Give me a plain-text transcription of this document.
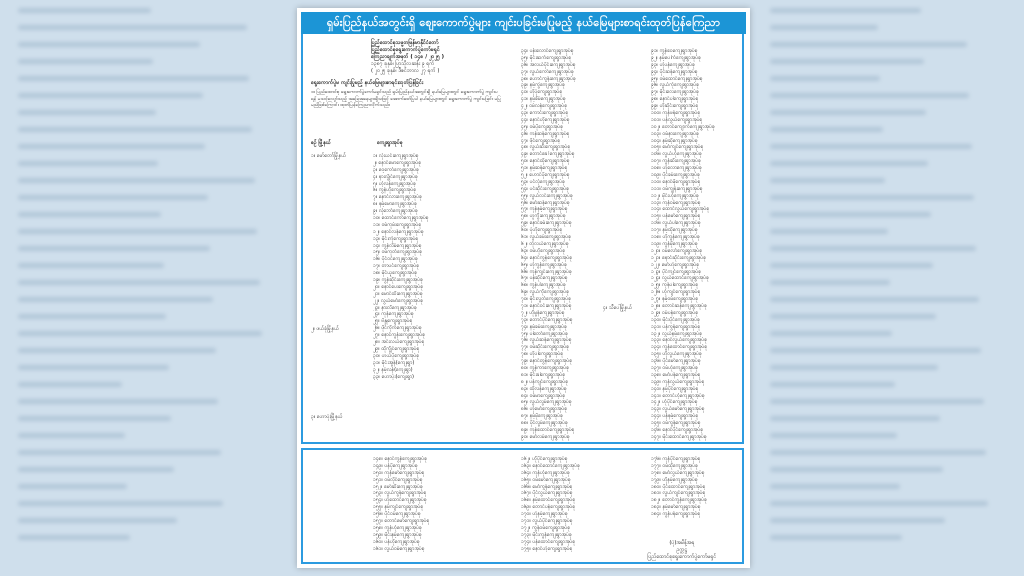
ရှမ်းပြည်နယ်အတွင်းရှိ စျေးကောက်ပွဲများ ကျင်းပခြင်းမပြုမည့် နယ်မြေများစာရင်းထုတ်ပြန်ကြေညာ
ပြည်ထောင်စုသမ္မတမြန်မာနိုင်ငံတော်
ပြည်ထောင်စုရွေးကောက်ပွဲကော်မရှင်
ကြေညာချက်အမှတ် ( ၁၄၈ / ၂၀၂၅ )
၁၃၈၇ ခုနှစ်၊ ပြာသိုလဆန်း ၉ ရက်
( ၂၀၂၅ ခုနှစ်၊ ဒီဇင်ဘာလ ၂၇ ရက် )
ရွေးကောက်ပွဲမ ကျင်းပြုမည့် နယ်မြေများစာရင်းထုတ်ပြန်ခြင်း
၁။ ပြည်ထောင်စု ရွေးကောက်ပွဲကော်မရှင်သည် ရှမ်းပြည်နယ်အတွင်းရှိ နယ်မြေများတွင် ရွေးကောက်ပွဲ ကျင်းပရန် မသင့်လျော်သည့် အခြေအနေများရှိသဖြင့် အောက်ဖော်ပြပါ နယ်မြေများတွင် ရွေးကောက်ပွဲ ကျင်းပခြင်း မပြုမည်ဖြစ်ကြောင်း ထုတ်ပြန်ကြေညာလိုက်သည်။
စဉ် မြို့နယ်	ကျေးရွာအုပ်စု
၁။ မော်တော်မြို့နယ်
၂။ ဖယ်ခုံမြို့နယ်
၃။ ဟောပုံးမြို့နယ်
၄။ သီပေါမြို့နယ်
၁။ လုံးယင်းကျေးရွာအုပ်စု
၂။ နောင်မောကျေးရွာအုပ်စု
၃။ ဝေ့ကော်ကျေးရွာအုပ်စု
၄။ နားလွိုင်ကျေးရွာအုပ်စု
၅။ ဟုံလန်ကျေးရွာအုပ်စု
၆။ ကွန်ဟိုကျေးရွာအုပ်စု
၇။ နောင်လားကျေးရွာအုပ်စု
၈။ နမ့်မောကျေးရွာအုပ်စု
၉။ လုံဘော်ကျေးရွာအုပ်စု
၁၀။ ထောင်ကော်ကျေးရွာအုပ်စု
၁၁။ ဝမ်ကုမ်းကျေးရွာအုပ်စု
၁၂။ နောင်လန်ကျေးရွာအုပ်စု
၁၃။ မိုင်းကုံကျေးရွာအုပ်စု
၁၄။ ကွန်လိမ်ကျေးရွာအုပ်စု
၁၅။ ဝမ်ကုတ်ကျေးရွာအုပ်စု
၁၆။ ပိုင်ဝင်ကျေးရွာအုပ်စု
၁၇။ တာပင်ကျေးရွာအုပ်စု
၁၈။ မိုင်ယူကျေးရွာအုပ်စု
၁၉။ ကွန်ဆိုင်းကျေးရွာအုပ်စု
၂၀။ နောင်ပေးကျေးရွာအုပ်စု
၂၁။ မောင်ထီးကျေးရွာအုပ်စု
၂၂။ လွယ်မော်ကျေးရွာအုပ်စု
၂၃။ နားလီကျေးရွာအုပ်စု
၂၄။ ကုန်ကျေးရွာအုပ်စု
၂၅။ ဗိန္ဒုကျေးရွာအုပ်စု
၂၆။ ဖိုင်ကိုက်ကျေးရွာအုပ်စု
၂၇။ နောင်ကွန်းကျေးရွာအုပ်စု
၂၈။ အင်းလယ်ကျေးရွာအုပ်စု
၂၉။ ထိုကွိုင်ကျေးရွာအုပ်စု
၃၀။ ဟယ်ပိုကျေးရွာအုပ်စု
၃၁။ မိုင်းအွန်(ကျေးရွာ)
၃၂။ နမ့်လန်(ကျေးရွာ)
၃၃။ ဟောပုံး(ကျေးရွာ)
၃၄။ ပန်းလောင်ကျေးရွာအုပ်စု
၃၅။ မိုင်းဆက်ကျေးရွာအုပ်စု
၃၆။ အလယ်ပိုင်းကျေးရွာအုပ်စု
၃၇။ လွယ်ကော်ကျေးရွာအုပ်စု
၃၈။ ဟောင်ကွန်းကျေးရွာအုပ်စု
၃၉။ နမ့်ကွဲကျေးရွာအုပ်စု
၄၀။ ဟိုပုံကျေးရွာအုပ်စု
၄၁။ နမ့်စိမ်ကျေးရွာအုပ်စု
၄၂။ ဝမ်လန်ကျေးရွာအုပ်စု
၄၃။ ကောင်းကျေးရွာအုပ်စု
၄၄။ နောင်ဟိုကျေးရွာအုပ်စု
၄၅။ ဝမ်ပိုကျေးရွာအုပ်စု
၄၆။ ကန်ဆန်ကျေးရွာအုပ်စု
၄၇။ ဖိုင်ကျေးရွာအုပ်စု
၄၈။ လွယ်ဆီးကျေးရွာအုပ်စု
၄၉။ တောင်ခေါ်ကျေးရွာအုပ်စု
၅၀။ နောင်ထိုကျေးရွာအုပ်စု
၅၁။ နမ့်ဆန်ကျေးရွာအုပ်စု
၅၂။ ဟောင်ပိုကျေးရွာအုပ်စု
၅၃။ ပင်လုံကျေးရွာအုပ်စု
၅၄။ ပင်ဆိုင်းကျေးရွာအုပ်စု
၅၅။ လွယ်လင်းကျေးရွာအုပ်စု
၅၆။ မော်ဆန်ကျေးရွာအုပ်စု
၅၇။ ကုန်နမ့်ကျေးရွာအုပ်စု
၅၈။ ဟူကွီးကျေးရွာအုပ်စု
၅၉။ နောင်ခမ်းကျေးရွာအုပ်စု
၆၀။ ပုံဟိုကျေးရွာအုပ်စု
၆၁။ လွယ်ခမ်းကျေးရွာအုပ်စု
၆၂။ တုံလယ်ကျေးရွာအုပ်စု
၆၃။ ဝမ်ဟိုကျေးရွာအုပ်စု
၆၄။ နောင်ကွန်ကျေးရွာအုပ်စု
၆၅။ ဟုံကွန်ကျေးရွာအုပ်စု
၆၆။ ကုန်ကျင်းကျေးရွာအုပ်စု
၆၇။ ပန်ဆိုင်ကျေးရွာအုပ်စု
၆၈။ ကွန်ပါကျေးရွာအုပ်စု
၆၉။ လွယ်ကိုကျေးရွာအုပ်စု
၇၀။ မိုင်းလွတ်ကျေးရွာအုပ်စု
၇၁။ နောင်ဝင်းကျေးရွာအုပ်စု
၇၂။ ဟိုမွန်ကျေးရွာအုပ်စု
၇၃။ တောင်ပိုင်ကျေးရွာအုပ်စု
၇၄။ နမ့်ခမ်းကျေးရွာအုပ်စု
၇၅။ ပါတော်ကျေးရွာအုပ်စု
၇၆။ လွယ်ဆန်ကျေးရွာအုပ်စု
၇၇။ ဝမ်ဆိုင်းကျေးရွာအုပ်စု
၇၈။ ဟိုပါကျေးရွာအုပ်စု
၇၉။ နောင်တွန်ကျေးရွာအုပ်စု
၈၀။ ကွန်ကာကျေးရွာအုပ်စု
၈၁။ မိုင်းခါကျေးရွာအုပ်စု
၈၂။ ပန်ကျင်ကျေးရွာအုပ်စု
၈၃။ ထိုလန်ကျေးရွာအုပ်စု
၈၄။ ဝမ်မာကျေးရွာအုပ်စု
၈၅။ လွယ်လွမ်ကျေးရွာအုပ်စု
၈၆။ ဟုံမော်ကျေးရွာအုပ်စု
၈၇။ နမ့်မိုကျေးရွာအုပ်စု
၈၈။ ပိုင်လွမ်ကျေးရွာအုပ်စု
၈၉။ ကုန်ထောင်ကျေးရွာအုပ်စု
၉၀။ မော်လမ်ကျေးရွာအုပ်စု
၉၁။ ကွန်ဝေကျေးရွာအုပ်စု
၉၂။ နမ့်ပေါက်ကျေးရွာအုပ်စု
၉၃။ ဟုံပန်ကျေးရွာအုပ်စု
၉၄။ ပိုင်ဆန်ကျေးရွာအုပ်စု
၉၅။ ဝမ်ထောင်ကျေးရွာအုပ်စု
၉၆။ လွယ်ကုံကျေးရွာအုပ်စု
၉၇။ မိုင်းလေကျေးရွာအုပ်စု
၉၈။ နောင်ပါကျေးရွာအုပ်စု
၉၉။ ဟိုဆိုင်းကျေးရွာအုပ်စု
၁၀၀။ ကုန်ဖန်ကျေးရွာအုပ်စု
၁၀၁။ ပန်လွယ်ကျေးရွာအုပ်စု
၁၀၂။ တောင်ကျောက်ကျေးရွာအုပ်စု
၁၀၃။ ဝမ်နားကျေးရွာအုပ်စု
၁၀၄။ နမ့်ဆိုကျေးရွာအုပ်စု
၁၀၅။ မော်ကျင်ကျေးရွာအုပ်စု
၁၀၆။ လွယ်ဟုံကျေးရွာအုပ်စု
၁၀၇။ ကွန်ဆီးကျေးရွာအုပ်စု
၁၀၈။ ဟုံလောကျေးရွာအုပ်စု
၁၀၉။ ပိုင်ခမ်းကျေးရွာအုပ်စု
၁၁၀။ နောင်မိုကျေးရွာအုပ်စု
၁၁၁။ ဝမ်ကျွန်းကျေးရွာအုပ်စု
၁၁၂။ မိုင်းဟုံကျေးရွာအုပ်စု
၁၁၃။ ကုန်ဝမ်ကျေးရွာအုပ်စု
၁၁၄။ ထောင်လွယ်ကျေးရွာအုပ်စု
၁၁၅။ ပန်မော်ကျေးရွာအုပ်စု
၁၁၆။ လွယ်ပါကျေးရွာအုပ်စု
၁၁၇။ နမ့်ထိုကျေးရွာအုပ်စု
၁၁၈။ ဟိုကွန်ကျေးရွာအုပ်စု
၁၁၉။ ကွန်မိုကျေးရွာအုပ်စု
၁၂၀။ ဝမ်လော်ကျေးရွာအုပ်စု
၁၂၁။ နောင်ဆိုင်းကျေးရွာအုပ်စု
၁၂၂။ မော်ဟုံကျေးရွာအုပ်စု
၁၂၃။ ပိုင်ကျင်ကျေးရွာအုပ်စု
၁၂၄။ လွယ်ထောင်ကျေးရွာအုပ်စု
၁၂၅။ ကုန်ပါကျေးရွာအုပ်စု
၁၂၆။ ဟုံကျင်ကျေးရွာအုပ်စု
၁၂၇။ နမ့်ဝမ်ကျေးရွာအုပ်စု
၁၂၈။ တောင်ဆန်ကျေးရွာအုပ်စု
၁၂၉။ ဝမ်ပန်ကျေးရွာအုပ်စု
၁၃၀။ မိုင်းပိုင်ကျေးရွာအုပ်စု
၁၃၁။ ပန်ကွန်ကျေးရွာအုပ်စု
၁၃၂။ လွယ်နမ့်ကျေးရွာအုပ်စု
၁၃၃။ နောင်လွယ်ကျေးရွာအုပ်စု
၁၃၄။ ကွန်ထောင်ကျေးရွာအုပ်စု
၁၃၅။ ဟိုလွယ်ကျေးရွာအုပ်စု
၁၃၆။ ပိုင်မော်ကျေးရွာအုပ်စု
၁၃၇။ ဝမ်ဟုံကျေးရွာအုပ်စု
၁၃၈။ မော်ပန်ကျေးရွာအုပ်စု
၁၃၉။ ကုန်လွယ်ကျေးရွာအုပ်စု
၁၄၀။ နမ့်ပိုင်ကျေးရွာအုပ်စု
၁၄၁။ တောင်ဟုံကျေးရွာအုပ်စု
၁၄၂။ ဟုံပိုင်ကျေးရွာအုပ်စု
၁၄၃။ လွယ်မော်ကျေးရွာအုပ်စု
၁၄၄။ ပန်နမ့်ကျေးရွာအုပ်စု
၁၄၅။ ဝမ်ကွန်ကျေးရွာအုပ်စု
၁၄၆။ နောင်ပိုင်ကျေးရွာအုပ်စု
၁၄၇။ မိုင်းထောင်ကျေးရွာအုပ်စု
၁၄၈။ နောင်ကွန်ကျေးရွာအုပ်စု
၁၄၉။ ပန်ပိုကျေးရွာအုပ်စု
၁၅၀။ ကုန်မော်ကျေးရွာအုပ်စု
၁၅၁။ ဝမ်လိုင်ကျေးရွာအုပ်စု
၁၅၂။ မော်ဆီးကျေးရွာအုပ်စု
၁၅၃။ လွယ်ကွန်ကျေးရွာအုပ်စု
၁၅၄။ ဟုံထောင်ကျေးရွာအုပ်စု
၁၅၅။ နမ့်ကျင်ကျေးရွာအုပ်စု
၁၅၆။ ပိုင်ဝမ်ကျေးရွာအုပ်စု
၁၅၇။ တောင်မော်ကျေးရွာအုပ်စု
၁၅၈။ ကွန်ဟုံကျေးရွာအုပ်စု
၁၅၉။ မိုင်းနမ့်ကျေးရွာအုပ်စု
၁၆၀။ ပန်ဟိုကျေးရွာအုပ်စု
၁၆၁။ လွယ်ဝမ်ကျေးရွာအုပ်စု
၁၆၂။ ဟိုပိုင်ကျေးရွာအုပ်စု
၁၆၃။ နောင်ထောင်ကျေးရွာအုပ်စု
၁၆၄။ ကုန်ဟုံကျေးရွာအုပ်စု
၁၆၅။ ဝမ်မော်ကျေးရွာအုပ်စု
၁၆၆။ မော်ကွန်ကျေးရွာအုပ်စု
၁၆၇။ ပိုင်လွယ်ကျေးရွာအုပ်စု
၁၆၈။ နမ့်ထောင်ကျေးရွာအုပ်စု
၁၆၉။ တောင်ပန်ကျေးရွာအုပ်စု
၁၇၀။ ဟုံနမ့်ကျေးရွာအုပ်စု
၁၇၁။ လွယ်ပိုင်ကျေးရွာအုပ်စု
၁၇၂။ ကွန်ဝမ်ကျေးရွာအုပ်စု
၁၇၃။ မိုင်းကွန်ကျေးရွာအုပ်စု
၁၇၄။ ပန်ထောင်ကျေးရွာအုပ်စု
၁၇၅။ နောင်ဟုံကျေးရွာအုပ်စု
၁၇၆။ ကုန်ပိုင်ကျေးရွာအုပ်စု
၁၇၇။ ဝမ်ထိုကျေးရွာအုပ်စု
၁၇၈။ မော်လွယ်ကျေးရွာအုပ်စု
၁၇၉။ ဟိုနမ့်ကျေးရွာအုပ်စု
၁၈၀။ ပိုင်ထောင်ကျေးရွာအုပ်စု
၁၈၁။ လွယ်ကျင်ကျေးရွာအုပ်စု
၁၈၂။ တောင်ကွန်ကျေးရွာအုပ်စု
၁၈၃။ နမ့်မော်ကျေးရွာအုပ်စု
၁၈၄။ ကွန်ပန်ကျေးရွာအုပ်စု
(ပုံ)အမိန့်အရ
ဥက္ကဋ္ဌ
ပြည်ထောင်စုရွေးကောက်ပွဲကော်မရှင်
